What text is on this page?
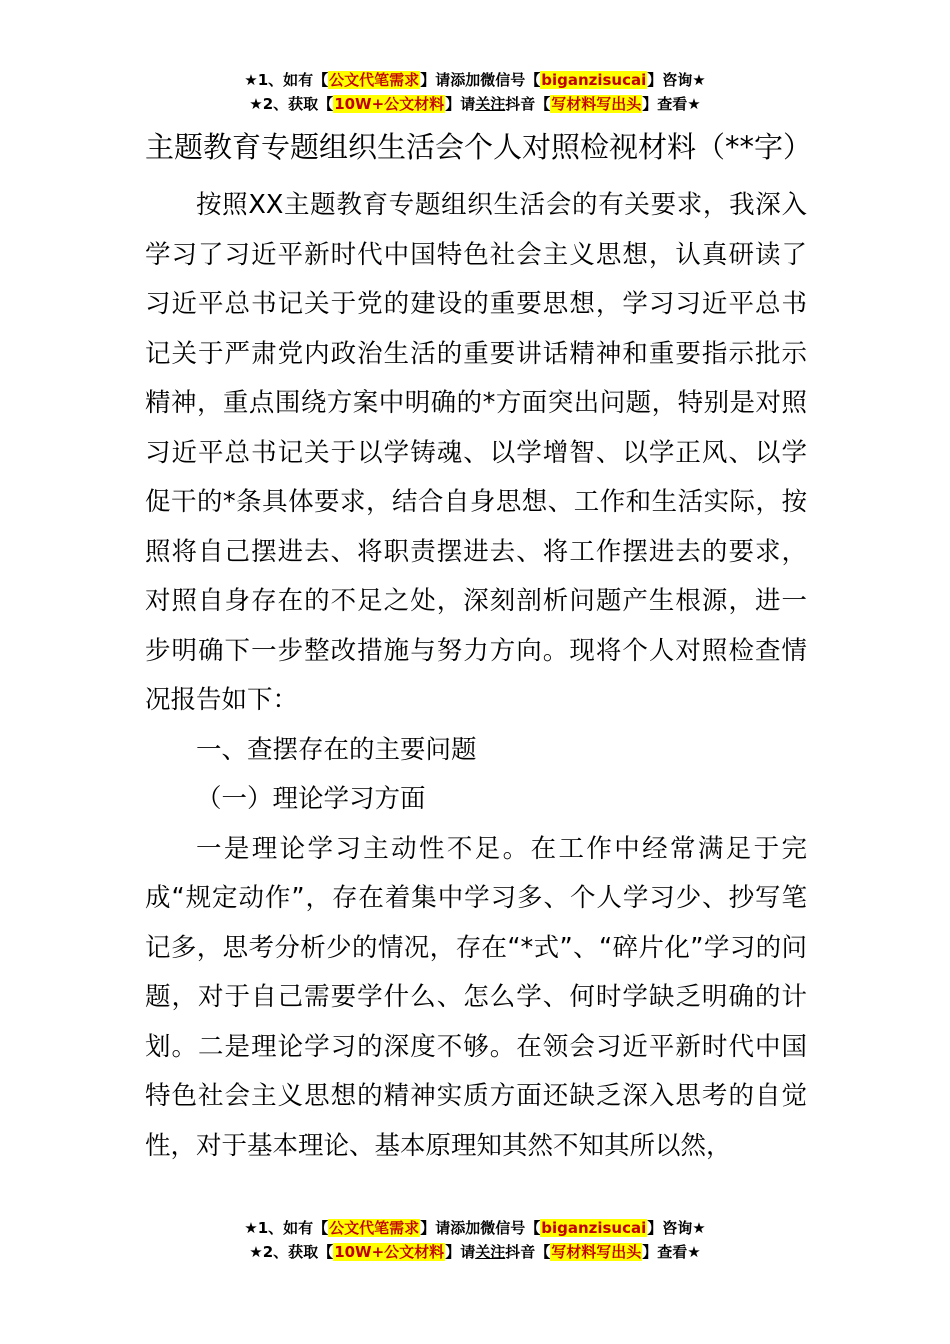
★1、如有【公文代笔需求】请添加微信号【biganzisucai】咨询★
★2、获取【10W+公文材料】请关注抖音【写材料写出头】查看★
主题教育专题组织生活会个人对照检视材料（**字）

按照XX主题教育专题组织生活会的有关要求，我深入学习了习近平新时代中国特色社会主义思想，认真研读了习近平总书记关于党的建设的重要思想，学习习近平总书记关于严肃党内政治生活的重要讲话精神和重要指示批示精神，重点围绕方案中明确的*方面突出问题，特别是对照习近平总书记关于以学铸魂、以学增智、以学正风、以学促干的*条具体要求，结合自身思想、工作和生活实际，按照将自己摆进去、将职责摆进去、将工作摆进去的要求，对照自身存在的不足之处，深刻剖析问题产生根源，进一步明确下一步整改措施与努力方向。现将个人对照检查情况报告如下：

一、查摆存在的主要问题

（一）理论学习方面

一是理论学习主动性不足。在工作中经常满足于完成“规定动作”，存在着集中学习多、个人学习少、抄写笔记多，思考分析少的情况，存在“*式”、“碎片化”学习的问题，对于自己需要学什么、怎么学、何时学缺乏明确的计划。二是理论学习的深度不够。在领会习近平新时代中国特色社会主义思想的精神实质方面还缺乏深入思考的自觉性，对于基本理论、基本原理知其然不知其所以然，

★1、如有【公文代笔需求】请添加微信号【biganzisucai】咨询★
★2、获取【10W+公文材料】请关注抖音【写材料写出头】查看★
